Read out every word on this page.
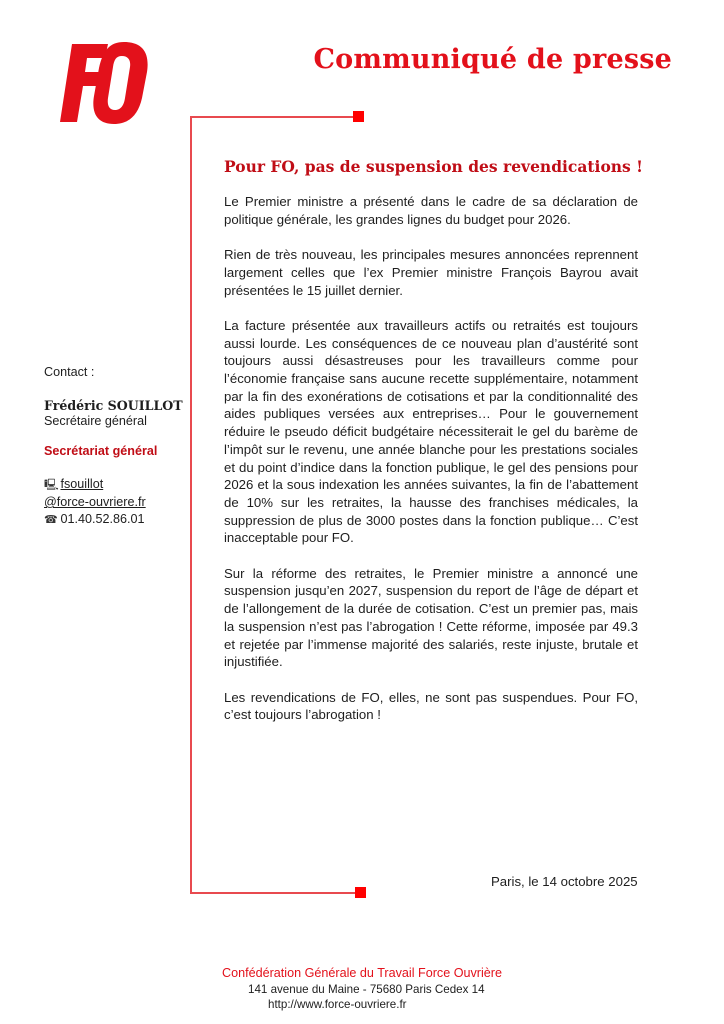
Communiqué de presse
Contact :
Frédéric SOUILLOT
Secrétaire général
Secrétariat général
🖳 fsouillot
@force-ouvriere.fr
☎ 01.40.52.86.01
Pour FO, pas de suspension des revendications !

Le Premier ministre a présenté dans le cadre de sa déclaration de politique générale, les grandes lignes du budget pour 2026.

Rien de très nouveau, les principales mesures annoncées reprennent largement celles que l’ex Premier ministre François Bayrou avait présentées le 15 juillet dernier.

La facture présentée aux travailleurs actifs ou retraités est toujours aussi lourde. Les conséquences de ce nouveau plan d’austérité sont toujours aussi désastreuses pour les travailleurs comme pour l’économie française sans aucune recette supplémentaire, notamment par la fin des exonérations de cotisations et par la conditionnalité des aides publiques versées aux entreprises… Pour le gouvernement réduire le pseudo déficit budgétaire nécessiterait le gel du barème de l’impôt sur le revenu, une année blanche pour les prestations sociales et du point d’indice dans la fonction publique, le gel des pensions pour 2026 et la sous indexation les années suivantes, la fin de l’abattement de 10% sur les retraites, la hausse des franchises médicales, la suppression de plus de 3000 postes dans la fonction publique… C’est inacceptable pour FO.

Sur la réforme des retraites, le Premier ministre a annoncé une suspension jusqu’en 2027, suspension du report de l’âge de départ et de l’allongement de la durée de cotisation. C’est un premier pas, mais la suspension n’est pas l’abrogation ! Cette réforme, imposée par 49.3 et rejetée par l’immense majorité des salariés, reste injuste, brutale et injustifiée.

Les revendications de FO, elles, ne sont pas suspendues. Pour FO, c’est toujours l’abrogation !

Paris, le 14 octobre 2025
Confédération Générale du Travail Force Ouvrière
141 avenue du Maine - 75680 Paris Cedex 14
http://www.force-ouvriere.fr
